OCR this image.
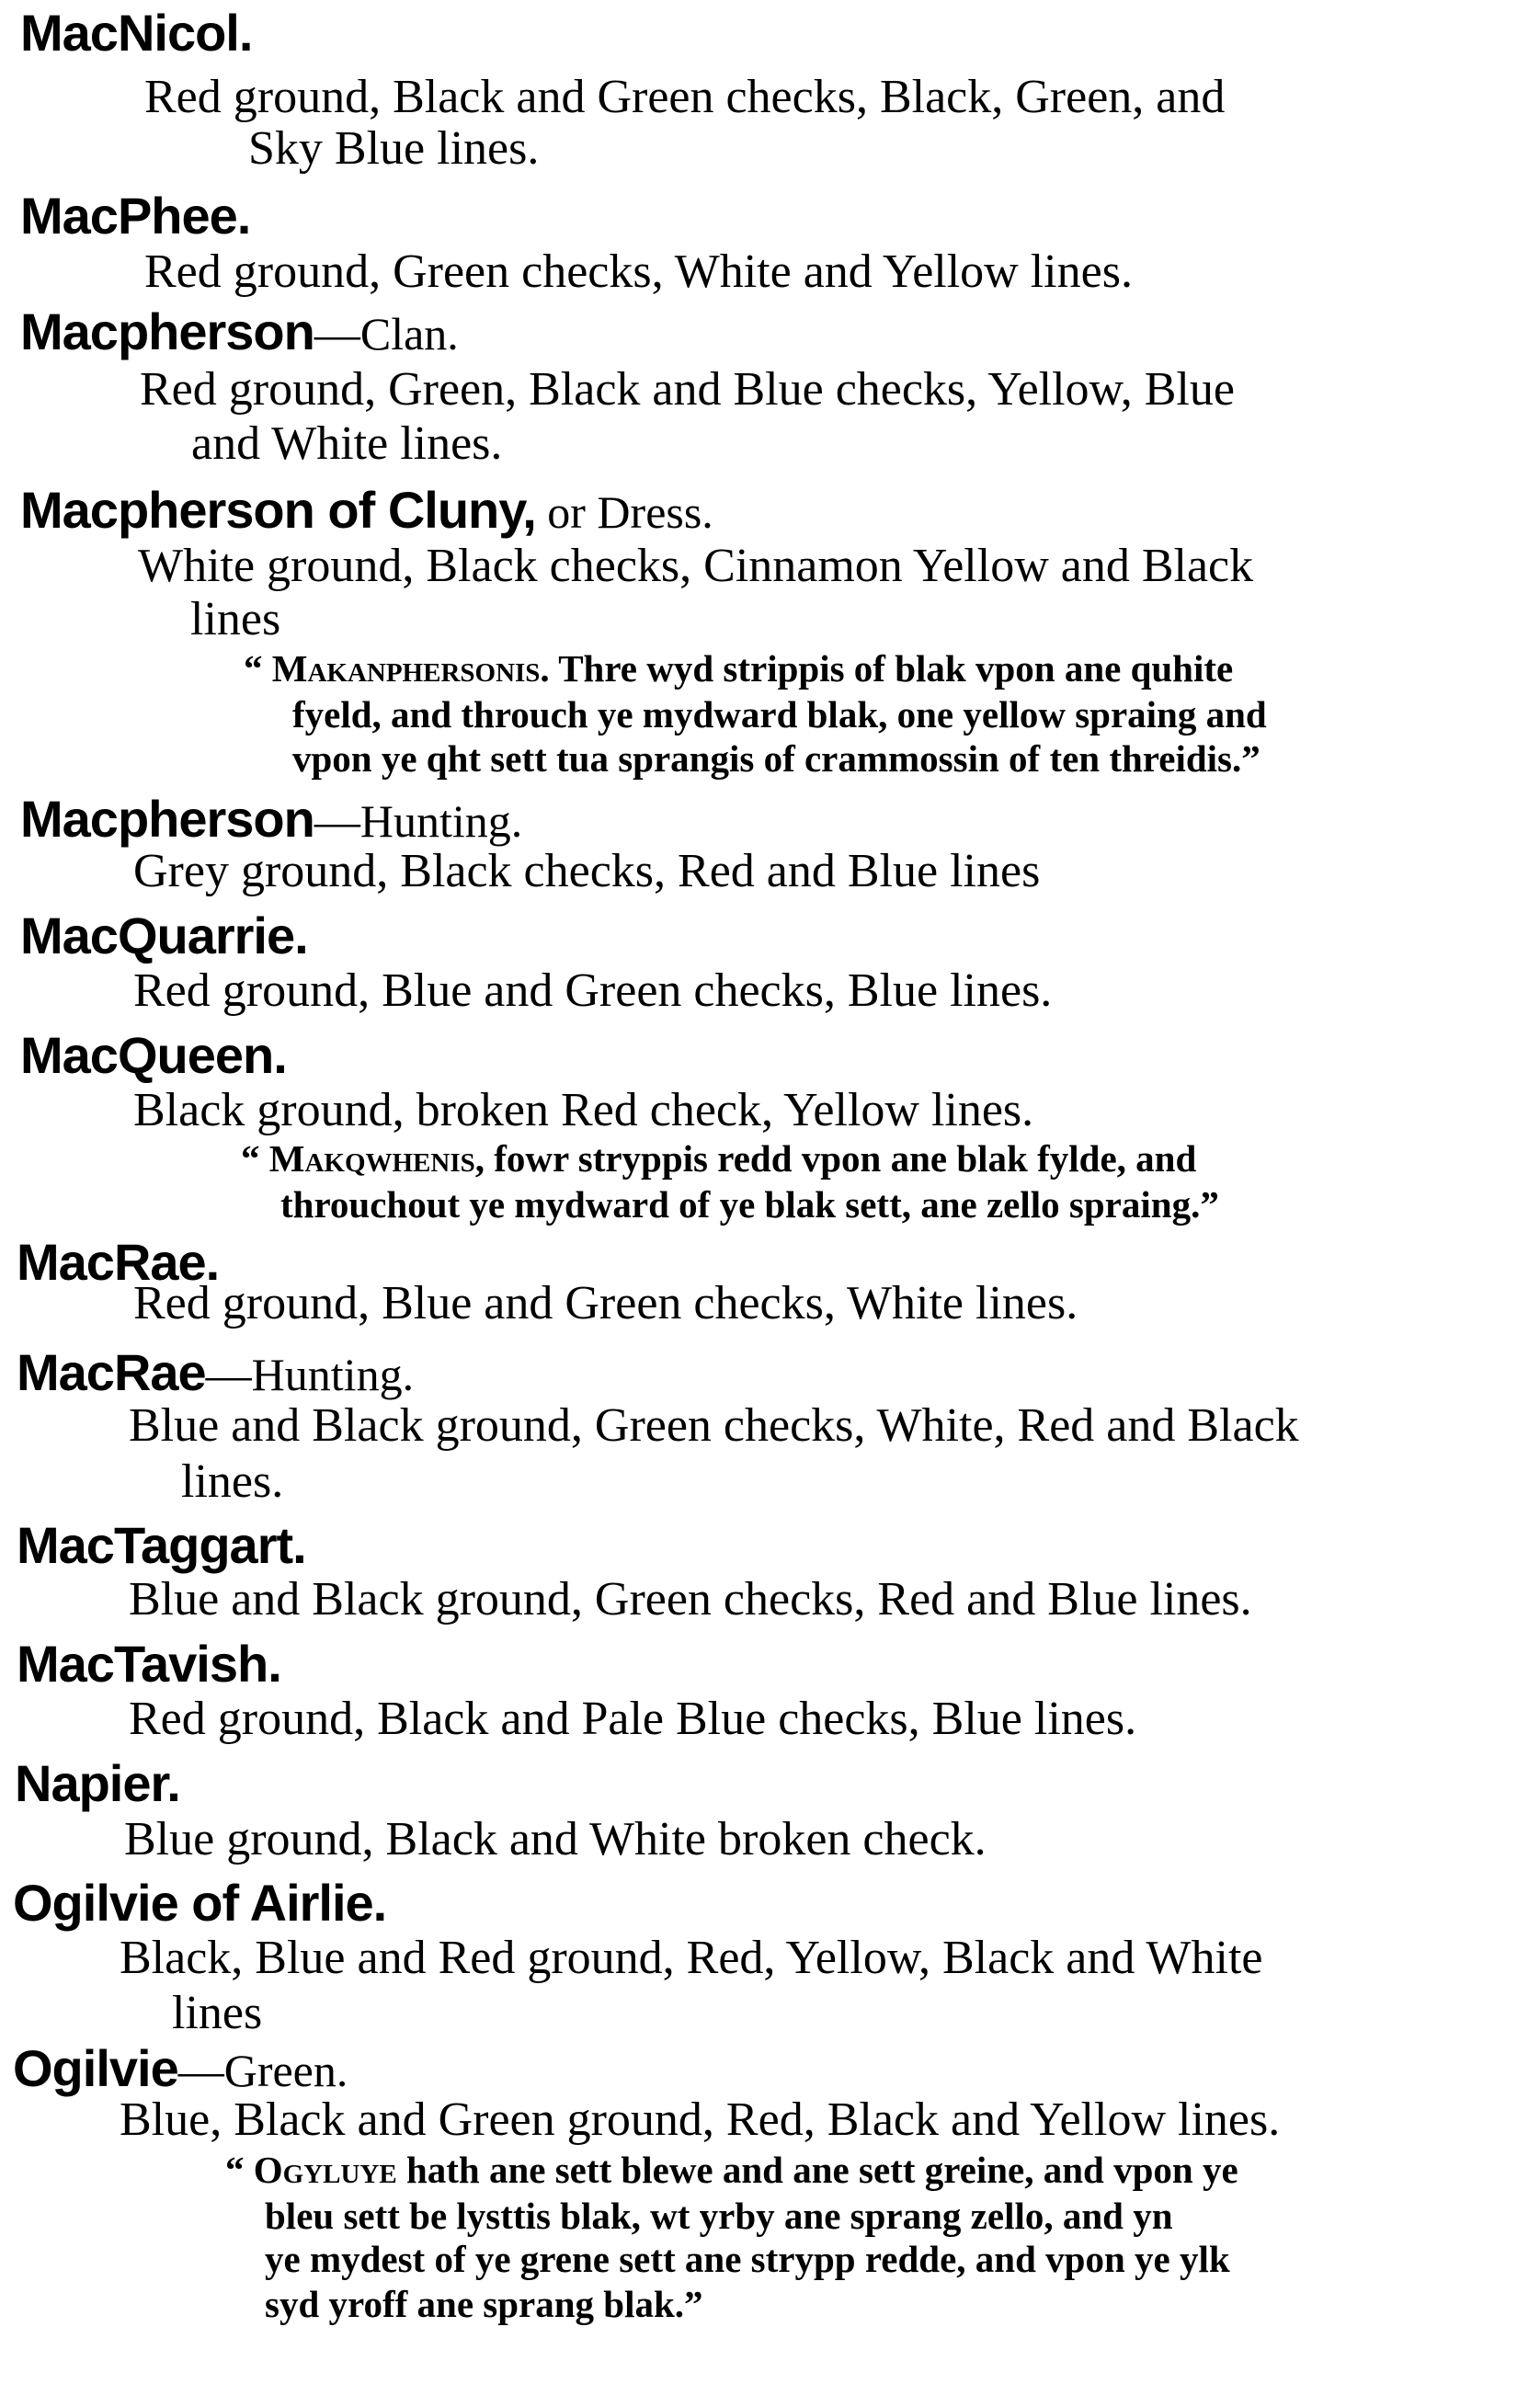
MacNicol.
Red ground, Black and Green checks, Black, Green, and
Sky Blue lines.
MacPhee.
Red ground, Green checks, White and Yellow lines.
Macpherson—Clan.
Red ground, Green, Black and Blue checks, Yellow, Blue
and White lines.
Macpherson of Cluny, or Dress.
White ground, Black checks, Cinnamon Yellow and Black
lines
“ Makanphersonis. Thre wyd strippis of blak vpon ane quhite
fyeld, and throuch ye mydward blak, one yellow spraing and
vpon ye qht sett tua sprangis of crammossin of ten threidis.”
Macpherson—Hunting.
Grey ground, Black checks, Red and Blue lines
MacQuarrie.
Red ground, Blue and Green checks, Blue lines.
MacQueen.
Black ground, broken Red check, Yellow lines.
“ Makqwhenis, fowr stryppis redd vpon ane blak fylde, and
throuchout ye mydward of ye blak sett, ane zello spraing.”
MacRae.
Red ground, Blue and Green checks, White lines.
MacRae—Hunting.
Blue and Black ground, Green checks, White, Red and Black
lines.
MacTaggart.
Blue and Black ground, Green checks, Red and Blue lines.
MacTavish.
Red ground, Black and Pale Blue checks, Blue lines.
Napier.
Blue ground, Black and White broken check.
Ogilvie of Airlie.
Black, Blue and Red ground, Red, Yellow, Black and White
lines
Ogilvie—Green.
Blue, Black and Green ground, Red, Black and Yellow lines.
“ Ogyluye hath ane sett blewe and ane sett greine, and vpon ye
bleu sett be lysttis blak, wt yrby ane sprang zello, and yn
ye mydest of ye grene sett ane strypp redde, and vpon ye ylk
syd yroff ane sprang blak.”
